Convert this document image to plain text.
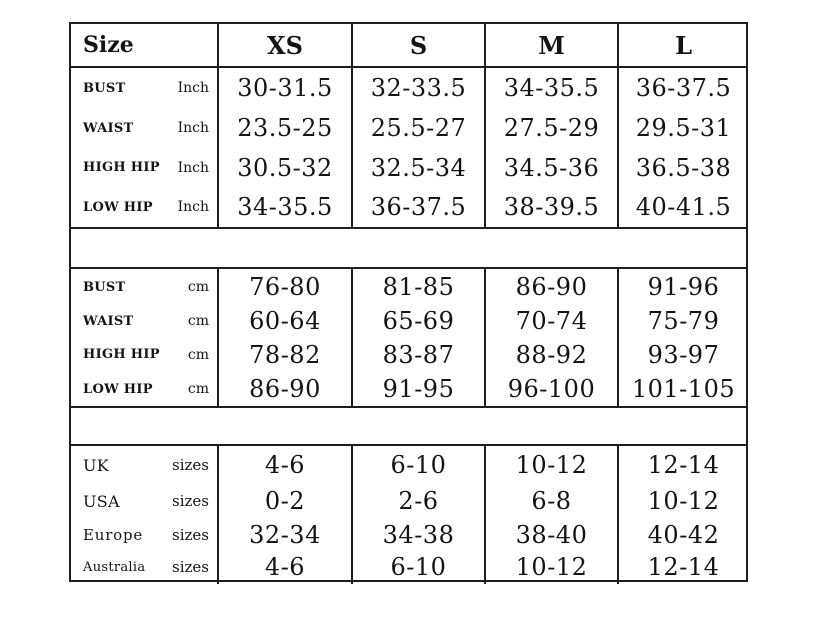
Size	XS	S	M	L
BUST	Inch	30-31.5	32-33.5	34-35.5	36-37.5
WAIST	Inch	23.5-25	25.5-27	27.5-29	29.5-31
HIGH HIP Inch	30.5-32	32.5-34	34.5-36	36.5-38
LOW HIP Inch	34-35.5	36-37.5	38-39.5	40-41.5
BUST	cm	76-80	81-85	86-90	91-96
WAIST	cm	60-64	65-69	70-74	75-79
HIGH HIP cm	78-82	83-87	88-92	93-97
LOW HIP	cm	86-90	91-95	96-100	101-105
UK	sizes	4-6	6-10	10-12	12-14
USA	sizes	0-2	2-6	6-8	10-12
Europe sizes	32-34	34-38	38-40	40-42
Australia sizes	4-6	6-10	10-12	12-14
